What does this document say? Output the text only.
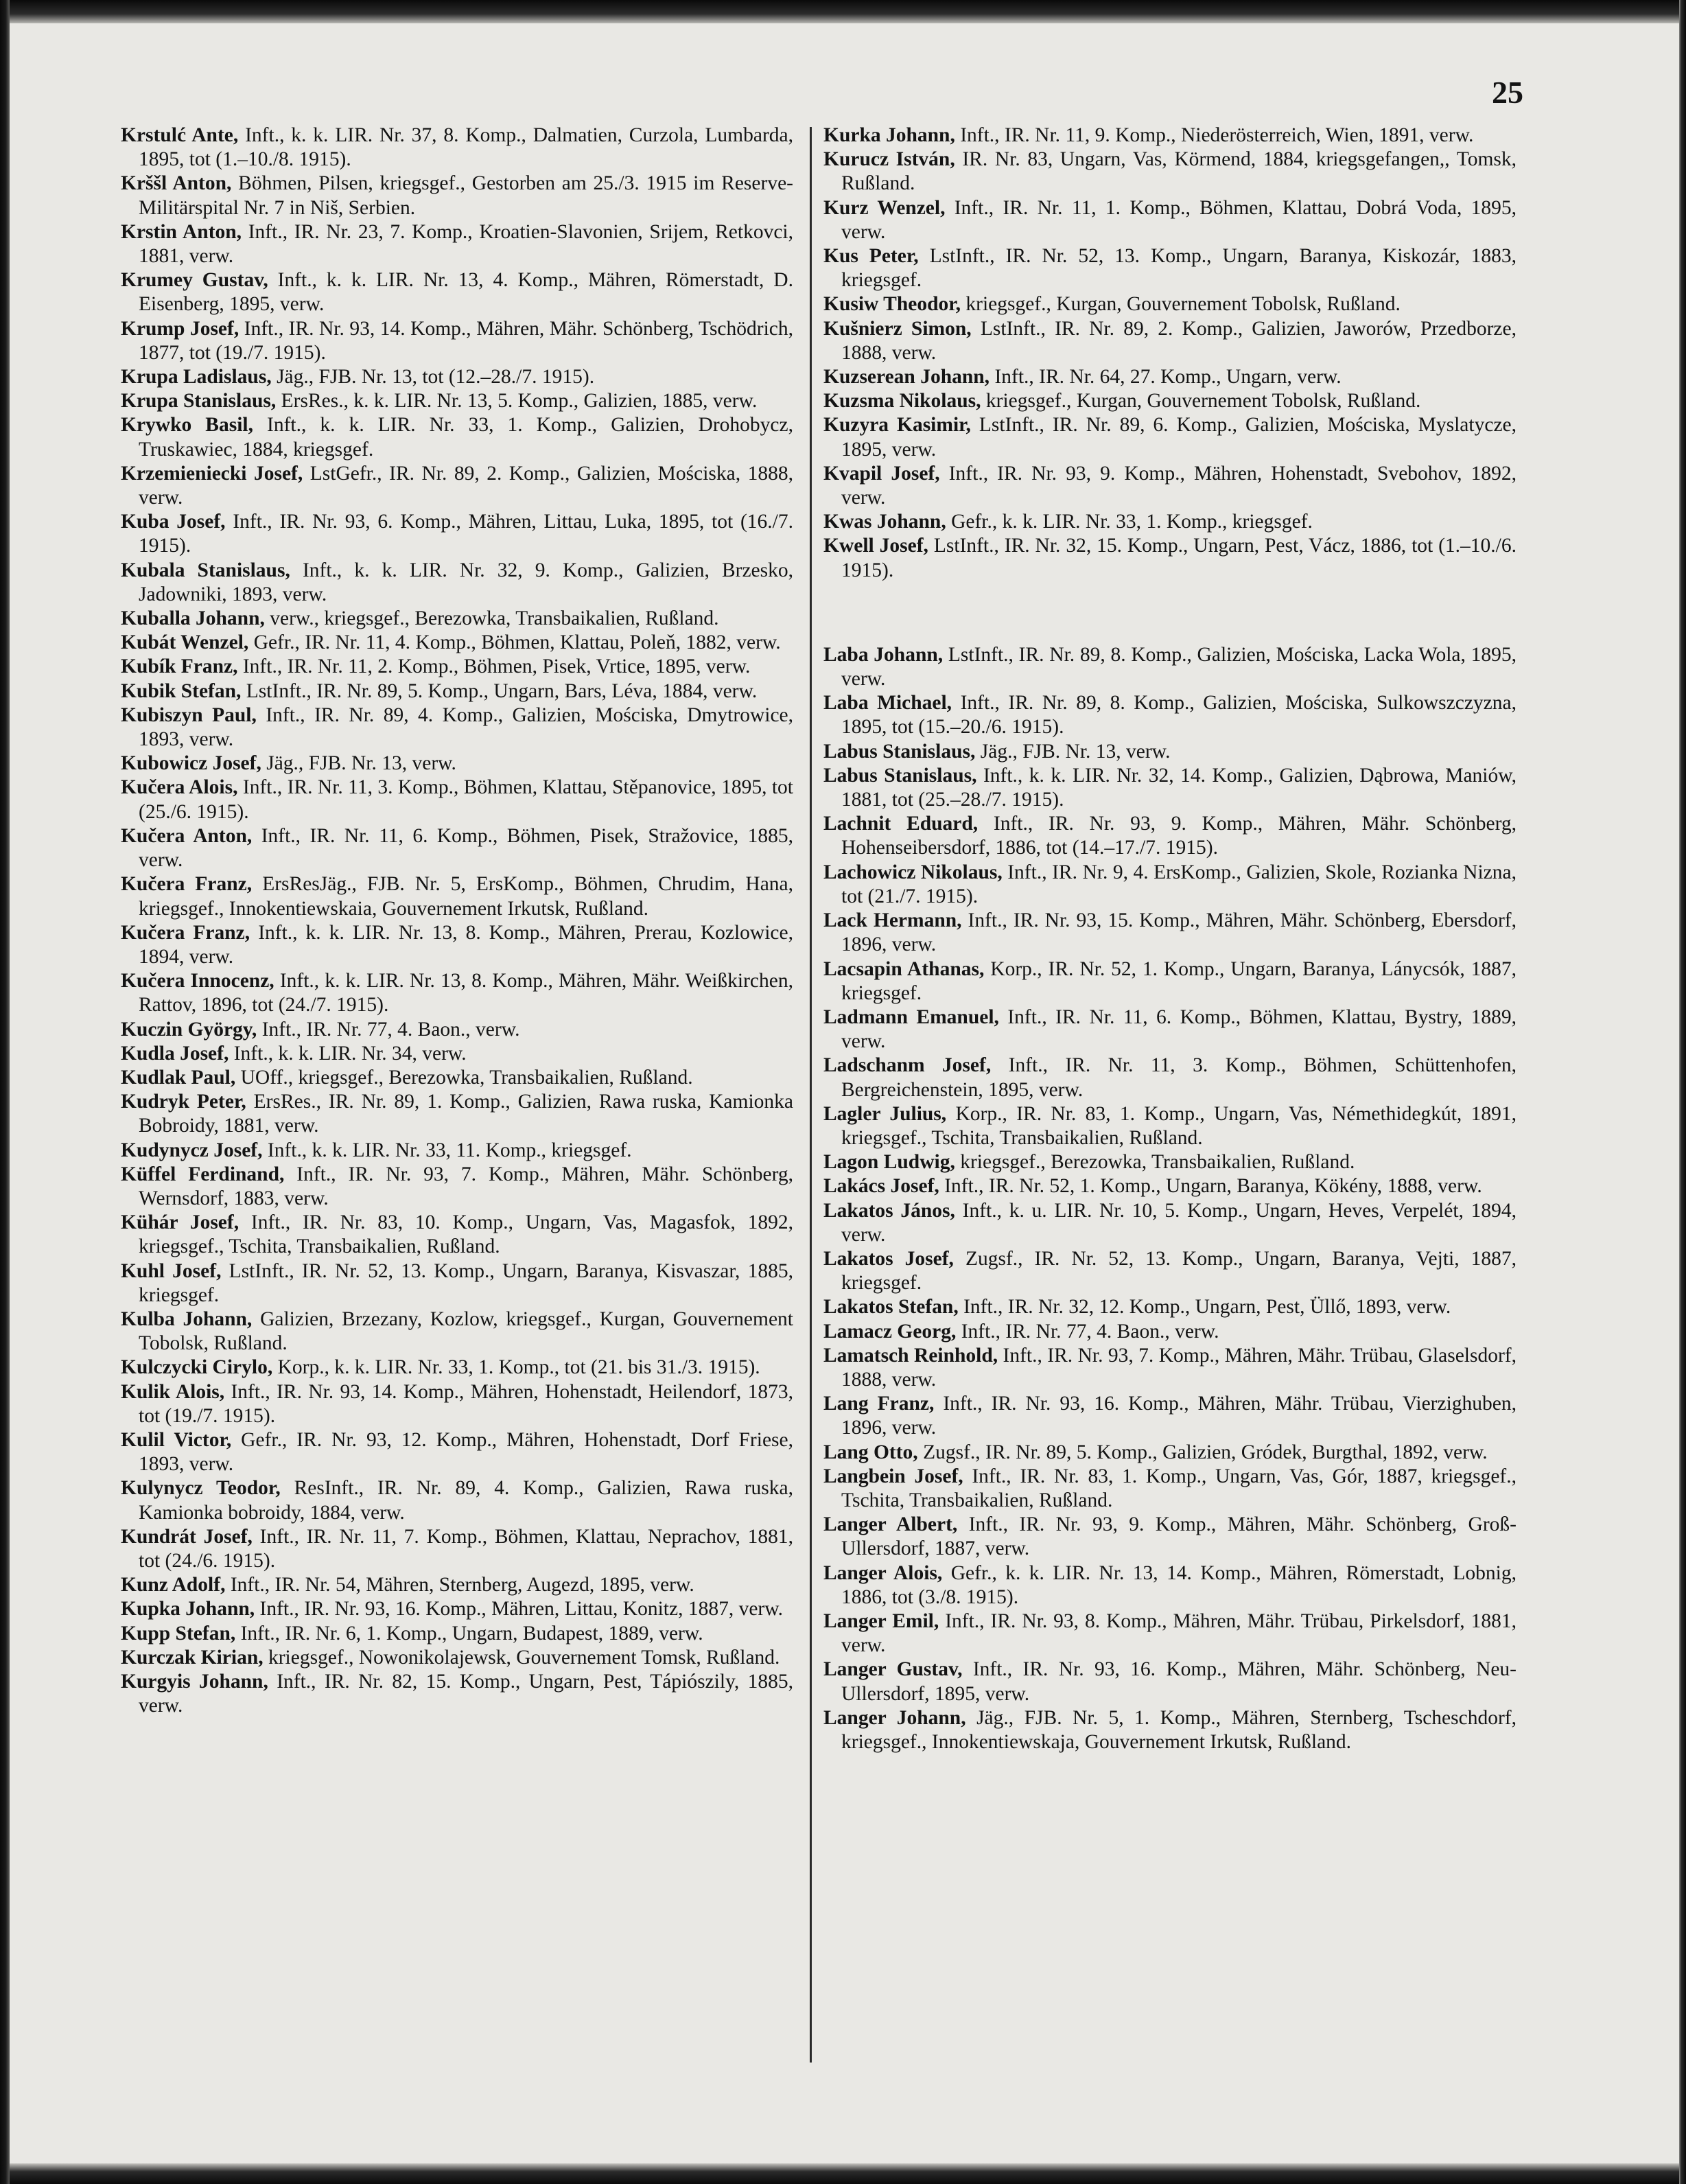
25

Krstulć Ante, Inft., k. k. LIR. Nr. 37, 8. Komp., Dalmatien, Curzola, Lumbarda, 1895, tot (1.–10./8. 1915).

Krššl Anton, Böhmen, Pilsen, kriegsgef., Gestorben am 25./3. 1915 im Reserve-Militärspital Nr. 7 in Niš, Serbien.

Krstin Anton, Inft., IR. Nr. 23, 7. Komp., Kroatien-Slavonien, Srijem, Retkovci, 1881, verw.

Krumey Gustav, Inft., k. k. LIR. Nr. 13, 4. Komp., Mähren, Römerstadt, D. Eisenberg, 1895, verw.

Krump Josef, Inft., IR. Nr. 93, 14. Komp., Mähren, Mähr. Schönberg, Tschödrich, 1877, tot (19./7. 1915).

Krupa Ladislaus, Jäg., FJB. Nr. 13, tot (12.–28./7. 1915).

Krupa Stanislaus, ErsRes., k. k. LIR. Nr. 13, 5. Komp., Galizien, 1885, verw.

Krywko Basil, Inft., k. k. LIR. Nr. 33, 1. Komp., Galizien, Drohobycz, Truskawiec, 1884, kriegsgef.

Krzemieniecki Josef, LstGefr., IR. Nr. 89, 2. Komp., Galizien, Mościska, 1888, verw.

Kuba Josef, Inft., IR. Nr. 93, 6. Komp., Mähren, Littau, Luka, 1895, tot (16./7. 1915).

Kubala Stanislaus, Inft., k. k. LIR. Nr. 32, 9. Komp., Galizien, Brzesko, Jadowniki, 1893, verw.

Kuballa Johann, verw., kriegsgef., Berezowka, Transbaikalien, Rußland.

Kubát Wenzel, Gefr., IR. Nr. 11, 4. Komp., Böhmen, Klattau, Poleň, 1882, verw.

Kubík Franz, Inft., IR. Nr. 11, 2. Komp., Böhmen, Pisek, Vrtice, 1895, verw.

Kubik Stefan, LstInft., IR. Nr. 89, 5. Komp., Ungarn, Bars, Léva, 1884, verw.

Kubiszyn Paul, Inft., IR. Nr. 89, 4. Komp., Galizien, Mościska, Dmytrowice, 1893, verw.

Kubowicz Josef, Jäg., FJB. Nr. 13, verw.

Kučera Alois, Inft., IR. Nr. 11, 3. Komp., Böhmen, Klattau, Stěpanovice, 1895, tot (25./6. 1915).

Kučera Anton, Inft., IR. Nr. 11, 6. Komp., Böhmen, Pisek, Stražovice, 1885, verw.

Kučera Franz, ErsResJäg., FJB. Nr. 5, ErsKomp., Böhmen, Chrudim, Hana, kriegsgef., Innokentiewskaia, Gouvernement Irkutsk, Rußland.

Kučera Franz, Inft., k. k. LIR. Nr. 13, 8. Komp., Mähren, Prerau, Kozlowice, 1894, verw.

Kučera Innocenz, Inft., k. k. LIR. Nr. 13, 8. Komp., Mähren, Mähr. Weißkirchen, Rattov, 1896, tot (24./7. 1915).

Kuczin György, Inft., IR. Nr. 77, 4. Baon., verw.

Kudla Josef, Inft., k. k. LIR. Nr. 34, verw.

Kudlak Paul, UOff., kriegsgef., Berezowka, Transbaikalien, Rußland.

Kudryk Peter, ErsRes., IR. Nr. 89, 1. Komp., Galizien, Rawa ruska, Kamionka Bobroidy, 1881, verw.

Kudynycz Josef, Inft., k. k. LIR. Nr. 33, 11. Komp., kriegsgef.

Küffel Ferdinand, Inft., IR. Nr. 93, 7. Komp., Mähren, Mähr. Schönberg, Wernsdorf, 1883, verw.

Kühár Josef, Inft., IR. Nr. 83, 10. Komp., Ungarn, Vas, Magasfok, 1892, kriegsgef., Tschita, Transbaikalien, Rußland.

Kuhl Josef, LstInft., IR. Nr. 52, 13. Komp., Ungarn, Baranya, Kisvaszar, 1885, kriegsgef.

Kulba Johann, Galizien, Brzezany, Kozlow, kriegsgef., Kurgan, Gouvernement Tobolsk, Rußland.

Kulczycki Cirylo, Korp., k. k. LIR. Nr. 33, 1. Komp., tot (21. bis 31./3. 1915).

Kulik Alois, Inft., IR. Nr. 93, 14. Komp., Mähren, Hohenstadt, Heilendorf, 1873, tot (19./7. 1915).

Kulil Victor, Gefr., IR. Nr. 93, 12. Komp., Mähren, Hohenstadt, Dorf Friese, 1893, verw.

Kulynycz Teodor, ResInft., IR. Nr. 89, 4. Komp., Galizien, Rawa ruska, Kamionka bobroidy, 1884, verw.

Kundrát Josef, Inft., IR. Nr. 11, 7. Komp., Böhmen, Klattau, Neprachov, 1881, tot (24./6. 1915).

Kunz Adolf, Inft., IR. Nr. 54, Mähren, Sternberg, Augezd, 1895, verw.

Kupka Johann, Inft., IR. Nr. 93, 16. Komp., Mähren, Littau, Konitz, 1887, verw.

Kupp Stefan, Inft., IR. Nr. 6, 1. Komp., Ungarn, Budapest, 1889, verw.

Kurczak Kirian, kriegsgef., Nowonikolajewsk, Gouvernement Tomsk, Rußland.

Kurgyis Johann, Inft., IR. Nr. 82, 15. Komp., Ungarn, Pest, Tápiószily, 1885, verw.

Kurka Johann, Inft., IR. Nr. 11, 9. Komp., Niederösterreich, Wien, 1891, verw.

Kurucz István, IR. Nr. 83, Ungarn, Vas, Körmend, 1884, kriegsgefangen,, Tomsk, Rußland.

Kurz Wenzel, Inft., IR. Nr. 11, 1. Komp., Böhmen, Klattau, Dobrá Voda, 1895, verw.

Kus Peter, LstInft., IR. Nr. 52, 13. Komp., Ungarn, Baranya, Kiskozár, 1883, kriegsgef.

Kusiw Theodor, kriegsgef., Kurgan, Gouvernement Tobolsk, Rußland.

Kušnierz Simon, LstInft., IR. Nr. 89, 2. Komp., Galizien, Jaworów, Przedborze, 1888, verw.

Kuzserean Johann, Inft., IR. Nr. 64, 27. Komp., Ungarn, verw.

Kuzsma Nikolaus, kriegsgef., Kurgan, Gouvernement Tobolsk, Rußland.

Kuzyra Kasimir, LstInft., IR. Nr. 89, 6. Komp., Galizien, Mościska, Myslatycze, 1895, verw.

Kvapil Josef, Inft., IR. Nr. 93, 9. Komp., Mähren, Hohenstadt, Svebohov, 1892, verw.

Kwas Johann, Gefr., k. k. LIR. Nr. 33, 1. Komp., kriegsgef.

Kwell Josef, LstInft., IR. Nr. 32, 15. Komp., Ungarn, Pest, Vácz, 1886, tot (1.–10./6. 1915).

Laba Johann, LstInft., IR. Nr. 89, 8. Komp., Galizien, Mościska, Lacka Wola, 1895, verw.

Laba Michael, Inft., IR. Nr. 89, 8. Komp., Galizien, Mościska, Sulkowszczyzna, 1895, tot (15.–20./6. 1915).

Labus Stanislaus, Jäg., FJB. Nr. 13, verw.

Labus Stanislaus, Inft., k. k. LIR. Nr. 32, 14. Komp., Galizien, Dąbrowa, Maniów, 1881, tot (25.–28./7. 1915).

Lachnit Eduard, Inft., IR. Nr. 93, 9. Komp., Mähren, Mähr. Schönberg, Hohenseibersdorf, 1886, tot (14.–17./7. 1915).

Lachowicz Nikolaus, Inft., IR. Nr. 9, 4. ErsKomp., Galizien, Skole, Rozianka Nizna, tot (21./7. 1915).

Lack Hermann, Inft., IR. Nr. 93, 15. Komp., Mähren, Mähr. Schönberg, Ebersdorf, 1896, verw.

Lacsapin Athanas, Korp., IR. Nr. 52, 1. Komp., Ungarn, Baranya, Lánycsók, 1887, kriegsgef.

Ladmann Emanuel, Inft., IR. Nr. 11, 6. Komp., Böhmen, Klattau, Bystry, 1889, verw.

Ladschanm Josef, Inft., IR. Nr. 11, 3. Komp., Böhmen, Schüttenhofen, Bergreichenstein, 1895, verw.

Lagler Julius, Korp., IR. Nr. 83, 1. Komp., Ungarn, Vas, Némethidegkút, 1891, kriegsgef., Tschita, Transbaikalien, Rußland.

Lagon Ludwig, kriegsgef., Berezowka, Transbaikalien, Rußland.

Lakács Josef, Inft., IR. Nr. 52, 1. Komp., Ungarn, Baranya, Kökény, 1888, verw.

Lakatos János, Inft., k. u. LIR. Nr. 10, 5. Komp., Ungarn, Heves, Verpelét, 1894, verw.

Lakatos Josef, Zugsf., IR. Nr. 52, 13. Komp., Ungarn, Baranya, Vejti, 1887, kriegsgef.

Lakatos Stefan, Inft., IR. Nr. 32, 12. Komp., Ungarn, Pest, Üllő, 1893, verw.

Lamacz Georg, Inft., IR. Nr. 77, 4. Baon., verw.

Lamatsch Reinhold, Inft., IR. Nr. 93, 7. Komp., Mähren, Mähr. Trübau, Glaselsdorf, 1888, verw.

Lang Franz, Inft., IR. Nr. 93, 16. Komp., Mähren, Mähr. Trübau, Vierzighuben, 1896, verw.

Lang Otto, Zugsf., IR. Nr. 89, 5. Komp., Galizien, Gródek, Burgthal, 1892, verw.

Langbein Josef, Inft., IR. Nr. 83, 1. Komp., Ungarn, Vas, Gór, 1887, kriegsgef., Tschita, Transbaikalien, Rußland.

Langer Albert, Inft., IR. Nr. 93, 9. Komp., Mähren, Mähr. Schönberg, Groß-Ullersdorf, 1887, verw.

Langer Alois, Gefr., k. k. LIR. Nr. 13, 14. Komp., Mähren, Römerstadt, Lobnig, 1886, tot (3./8. 1915).

Langer Emil, Inft., IR. Nr. 93, 8. Komp., Mähren, Mähr. Trübau, Pirkelsdorf, 1881, verw.

Langer Gustav, Inft., IR. Nr. 93, 16. Komp., Mähren, Mähr. Schönberg, Neu-Ullersdorf, 1895, verw.

Langer Johann, Jäg., FJB. Nr. 5, 1. Komp., Mähren, Sternberg, Tscheschdorf, kriegsgef., Innokentiewskaja, Gouvernement Irkutsk, Rußland.
